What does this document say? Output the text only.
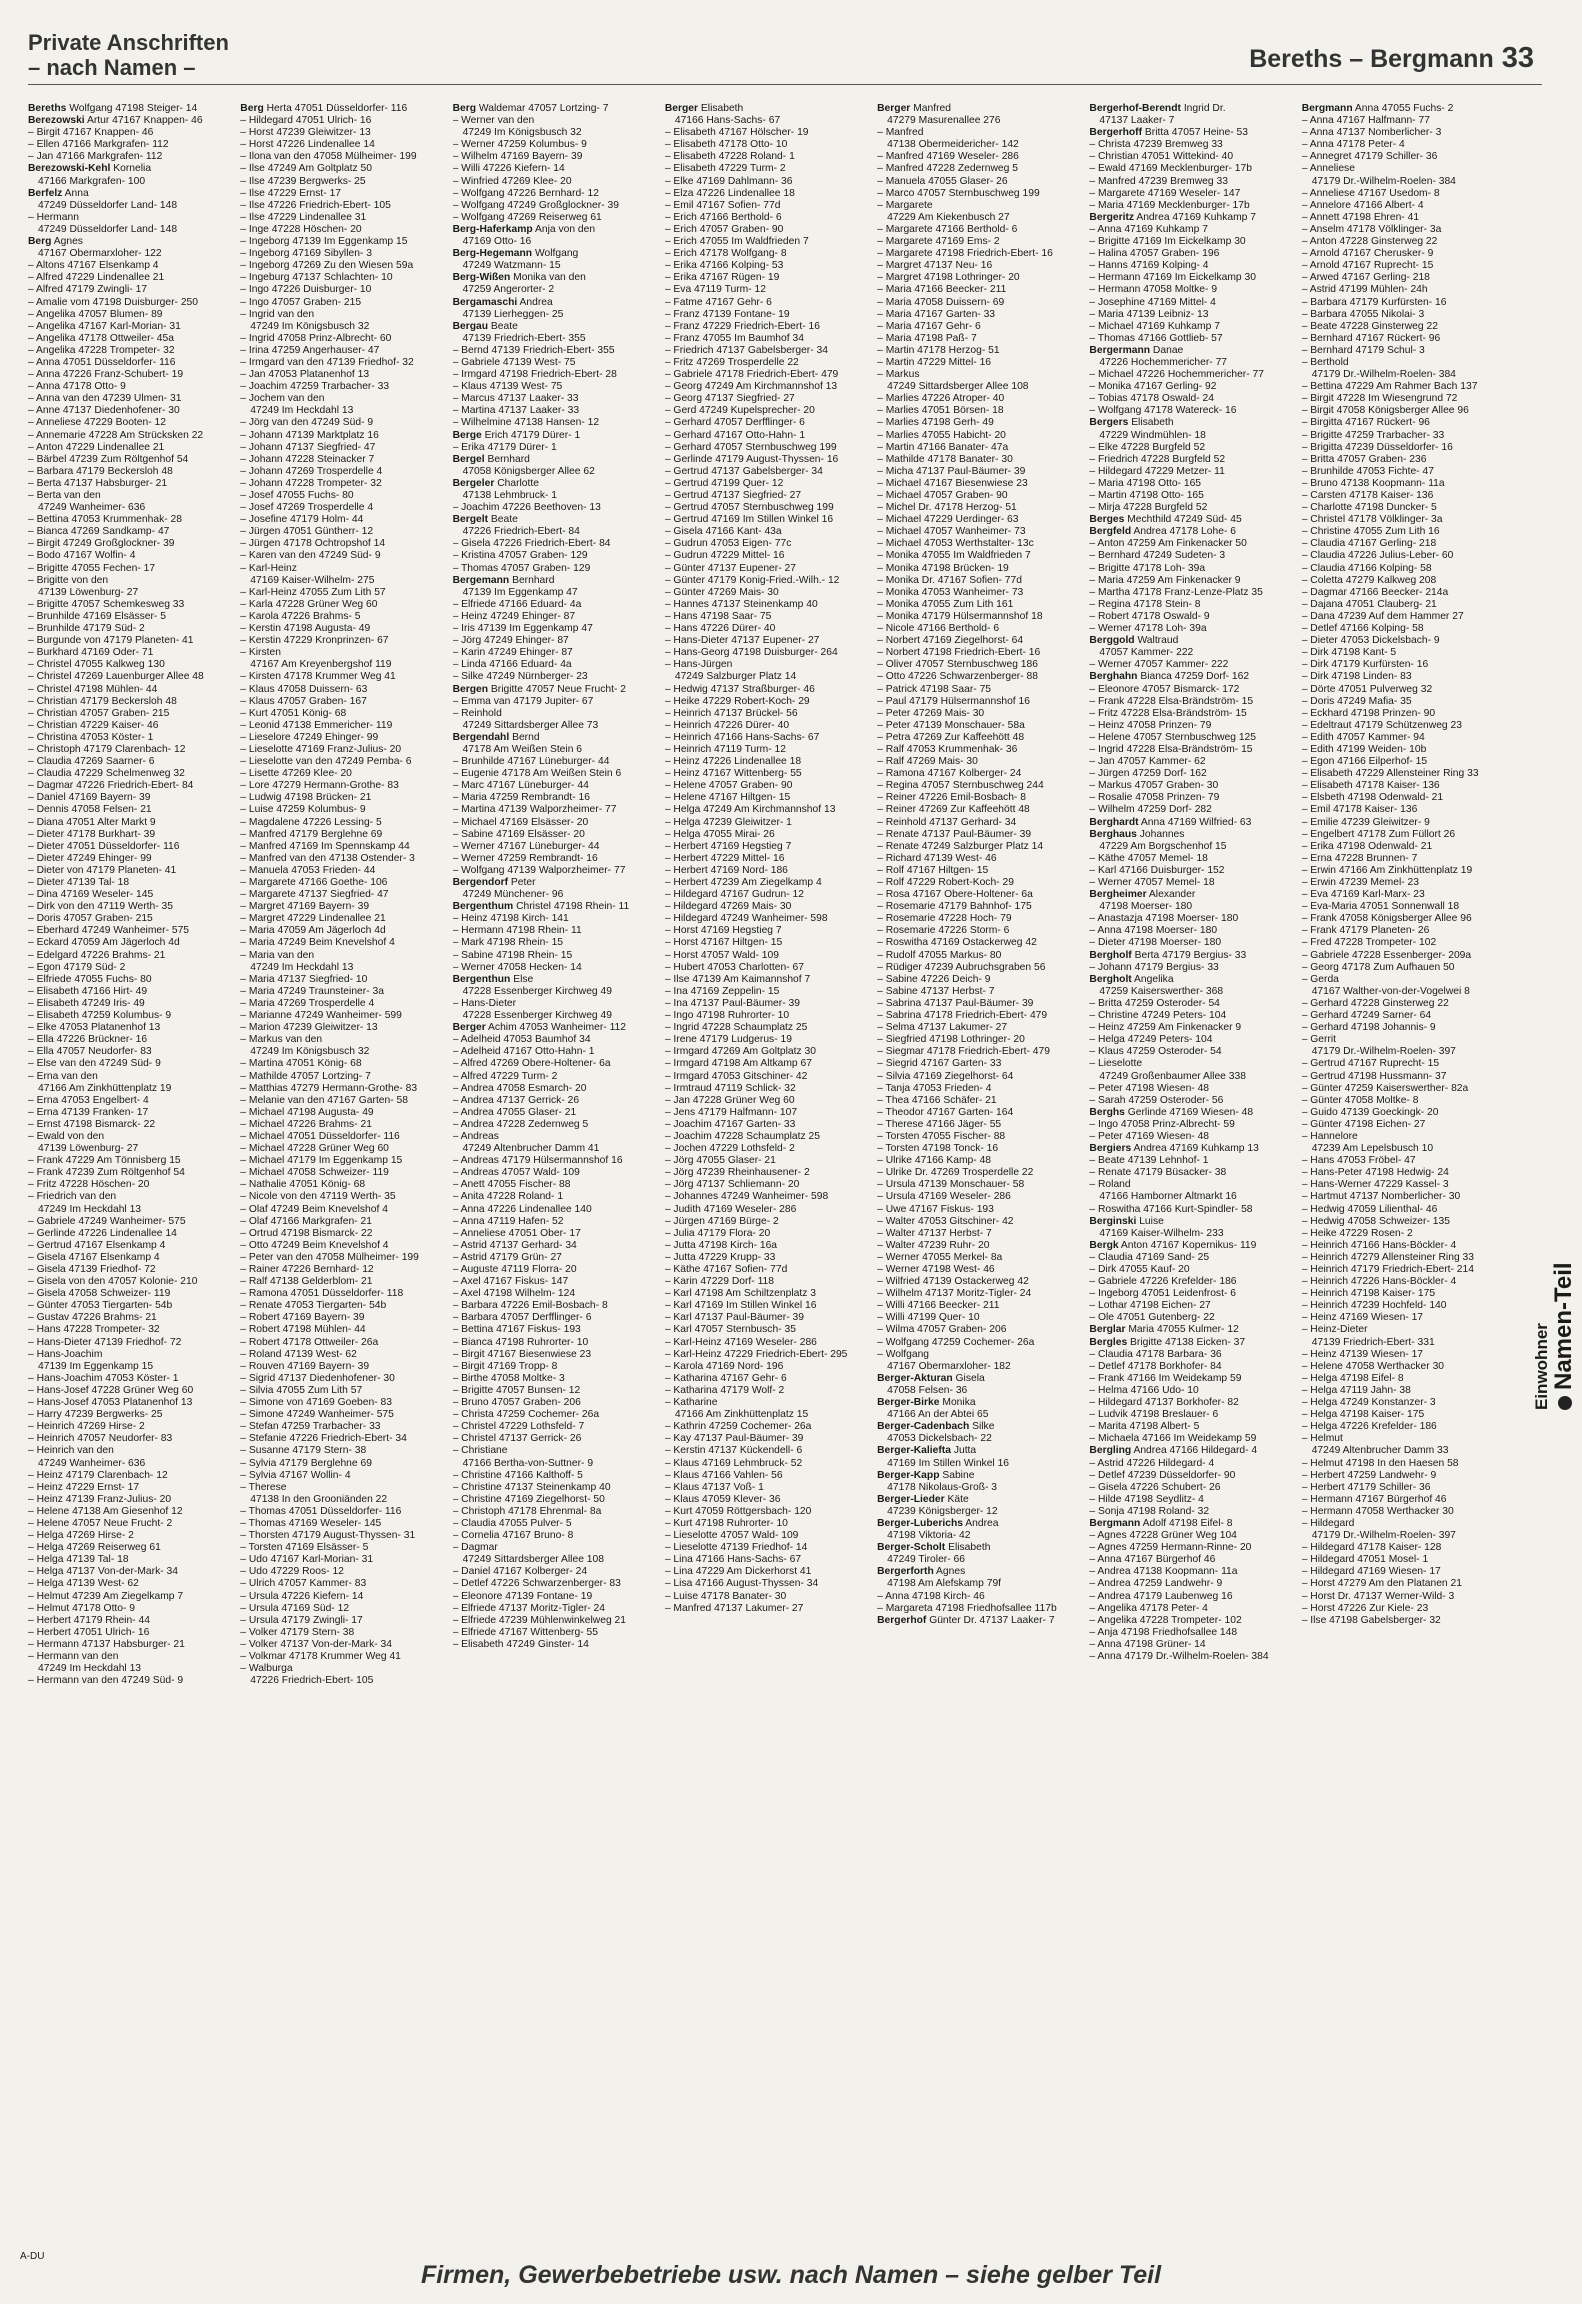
Private Anschriften
– nach Namen –	Bereths – Bergmann 33
Bereths Wolfgang 47198 Steiger- 14
Berezowski Artur 47167 Knappen- 46
– Birgit 47167 Knappen- 46
– Ellen 47166 Markgrafen- 112
– Jan 47166 Markgrafen- 112
Berezowski-Kehl Kornelia
47166 Markgrafen- 100
Berfelz Anna
47249 Düsseldorfer Land- 148
– Hermann
47249 Düsseldorfer Land- 148
Berg Agnes
47167 Obermarxloher- 122
– Altons 47167 Elsenkamp 4
– Alfred 47229 Lindenallee 21
– Alfred 47179 Zwingli- 17
– Amalie vom 47198 Duisburger- 250
– Angelika 47057 Blumen- 89
– Angelika 47167 Karl-Morian- 31
– Angelika 47178 Ottweiler- 45a
– Angelika 47228 Trompeter- 32
– Anna 47051 Düsseldorfer- 116
– Anna 47226 Franz-Schubert- 19
– Anna 47178 Otto- 9
– Anna van den 47239 Ulmen- 31
– Anne 47137 Diedenhofener- 30
– Anneliese 47229 Booten- 12
– Annemarie 47228 Am Strücksken 22
– Anton 47229 Lindenallee 21
– Bärbel 47239 Zum Röltgenhof 54
– Barbara 47179 Beckersloh 48
– Berta 47137 Habsburger- 21
– Berta van den
47249 Wanheimer- 636
– Bettina 47053 Krummenhak- 28
– Bianca 47269 Sandkamp- 47
– Birgit 47249 Großglockner- 39
– Bodo 47167 Wolfin- 4
– Brigitte 47055 Fechen- 17
– Brigitte von den
47139 Löwenburg- 27
– Brigitte 47057 Schemkesweg 33
– Brunhilde 47169 Elsässer- 5
– Brunhilde 47179 Süd- 2
– Burgunde von 47179 Planeten- 41
– Burkhard 47169 Oder- 71
– Christel 47055 Kalkweg 130
– Christel 47269 Lauenburger Allee 48
– Christel 47198 Mühlen- 44
– Christian 47179 Beckersloh 48
– Christian 47057 Graben- 215
– Christian 47229 Kaiser- 46
– Christina 47053 Köster- 1
– Christoph 47179 Clarenbach- 12
– Claudia 47269 Saarner- 6
– Claudia 47229 Schelmenweg 32
– Dagmar 47226 Friedrich-Ebert- 84
– Daniel 47169 Bayern- 39
– Dennis 47058 Felsen- 21
– Diana 47051 Alter Markt 9
– Dieter 47178 Burkhart- 39
– Dieter 47051 Düsseldorfer- 116
– Dieter 47249 Ehinger- 99
– Dieter von 47179 Planeten- 41
– Dieter 47139 Tal- 18
– Dina 47169 Weseler- 145
– Dirk von den 47119 Werth- 35
– Doris 47057 Graben- 215
– Eberhard 47249 Wanheimer- 575
– Eckard 47059 Am Jägerloch 4d
– Edelgard 47226 Brahms- 21
– Egon 47179 Süd- 2
– Elfriede 47055 Fuchs- 80
– Elisabeth 47166 Hirt- 49
– Elisabeth 47249 Iris- 49
– Elisabeth 47259 Kolumbus- 9
– Elke 47053 Platanenhof 13
– Ella 47226 Brückner- 16
– Ella 47057 Neudorfer- 83
– Else van den 47249 Süd- 9
– Erna van den
47166 Am Zinkhüttenplatz 19
– Erna 47053 Engelbert- 4
– Erna 47139 Franken- 17
– Ernst 47198 Bismarck- 22
– Ewald von den
47139 Löwenburg- 27
– Frank 47229 Am Tönnisberg 15
– Frank 47239 Zum Röltgenhof 54
– Fritz 47228 Höschen- 20
– Friedrich van den
47249 Im Heckdahl 13
– Gabriele 47249 Wanheimer- 575
– Gerlinde 47226 Lindenallee 14
– Gertrud 47167 Elsenkamp 4
– Gisela 47167 Elsenkamp 4
– Gisela 47139 Friedhof- 72
– Gisela von den 47057 Kolonie- 210
– Gisela 47058 Schweizer- 119
– Günter 47053 Tiergarten- 54b
– Gustav 47226 Brahms- 21
– Hans 47228 Trompeter- 32
– Hans-Dieter 47139 Friedhof- 72
– Hans-Joachim
47139 Im Eggenkamp 15
– Hans-Joachim 47053 Köster- 1
– Hans-Josef 47228 Grüner Weg 60
– Hans-Josef 47053 Platanenhof 13
– Harry 47239 Bergwerks- 25
– Heinrich 47269 Hirse- 2
– Heinrich 47057 Neudorfer- 83
– Heinrich van den
47249 Wanheimer- 636
– Heinz 47179 Clarenbach- 12
– Heinz 47229 Ernst- 17
– Heinz 47139 Franz-Julius- 20
– Helene 47138 Am Giesenhof 12
– Helene 47057 Neue Frucht- 2
– Helga 47269 Hirse- 2
– Helga 47269 Reiserweg 61
– Helga 47139 Tal- 18
– Helga 47137 Von-der-Mark- 34
– Helga 47139 West- 62
– Helmut 47239 Am Ziegelkamp 7
– Helmut 47178 Otto- 9
– Herbert 47179 Rhein- 44
– Herbert 47051 Ulrich- 16
– Hermann 47137 Habsburger- 21
– Hermann van den
47249 Im Heckdahl 13
– Hermann van den 47249 Süd- 9
Berg Herta 47051 Düsseldorfer- 116
– Hildegard 47051 Ulrich- 16
– Horst 47239 Gleiwitzer- 13
– Horst 47226 Lindenallee 14
– Ilona van den 47058 Mülheimer- 199
– Ilse 47249 Am Goltplatz 50
– Ilse 47239 Bergwerks- 25
– Ilse 47229 Ernst- 17
– Ilse 47226 Friedrich-Ebert- 105
– Ilse 47229 Lindenallee 31
– Inge 47228 Höschen- 20
– Ingeborg 47139 Im Eggenkamp 15
– Ingeborg 47169 Sibyllen- 3
– Ingeborg 47269 Zu den Wiesen 59a
– Ingeburg 47137 Schlachten- 10
– Ingo 47226 Duisburger- 10
– Ingo 47057 Graben- 215
– Ingrid van den
47249 Im Königsbusch 32
– Ingrid 47058 Prinz-Albrecht- 60
– Irina 47259 Angerhauser- 47
– Irmgard van den 47139 Friedhof- 32
– Jan 47053 Platanenhof 13
– Joachim 47259 Trarbacher- 33
– Jochem van den
47249 Im Heckdahl 13
– Jörg van den 47249 Süd- 9
– Johann 47139 Marktplatz 16
– Johann 47137 Siegfried- 47
– Johann 47228 Steinacker 7
– Johann 47269 Trosperdelle 4
– Johann 47228 Trompeter- 32
– Josef 47055 Fuchs- 80
– Josef 47269 Trosperdelle 4
– Josefine 47179 Holm- 44
– Jürgen 47051 Güntherr- 12
– Jürgen 47178 Ochtropshof 14
– Karen van den 47249 Süd- 9
– Karl-Heinz
47169 Kaiser-Wilhelm- 275
– Karl-Heinz 47055 Zum Lith 57
– Karla 47228 Grüner Weg 60
– Karola 47226 Brahms- 5
– Kerstin 47198 Augusta- 49
– Kerstin 47229 Kronprinzen- 67
– Kirsten
47167 Am Kreyenbergshof 119
– Kirsten 47178 Krummer Weg 41
– Klaus 47058 Duissern- 63
– Klaus 47057 Graben- 167
– Kurt 47051 König- 68
– Leonid 47138 Emmericher- 119
– Lieselore 47249 Ehinger- 99
– Lieselotte 47169 Franz-Julius- 20
– Lieselotte van den 47249 Pemba- 6
– Lisette 47269 Klee- 20
– Lore 47279 Hermann-Grothe- 83
– Ludwig 47198 Brücken- 21
– Luise 47259 Kolumbus- 9
– Magdalene 47226 Lessing- 5
– Manfred 47179 Berglehne 69
– Manfred 47169 Im Spennskamp 44
– Manfred van den 47138 Ostender- 3
– Manuela 47053 Frieden- 44
– Margarete 47166 Goethe- 106
– Margarete 47137 Siegfried- 47
– Margret 47169 Bayern- 39
– Margret 47229 Lindenallee 21
– Maria 47059 Am Jägerloch 4d
– Maria 47249 Beim Knevelshof 4
– Maria van den
47249 Im Heckdahl 13
– Maria 47137 Siegfried- 10
– Maria 47249 Traunsteiner- 3a
– Maria 47269 Trosperdelle 4
– Marianne 47249 Wanheimer- 599
– Marion 47239 Gleiwitzer- 13
– Markus van den
47249 Im Königsbusch 32
– Martina 47051 König- 68
– Mathilde 47057 Lortzing- 7
– Matthias 47279 Hermann-Grothe- 83
– Melanie van den 47167 Garten- 58
– Michael 47198 Augusta- 49
– Michael 47226 Brahms- 21
– Michael 47051 Düsseldorfer- 116
– Michael 47228 Grüner Weg 60
– Michael 47179 Im Eggenkamp 15
– Michael 47058 Schweizer- 119
– Nathalie 47051 König- 68
– Nicole von den 47119 Werth- 35
– Olaf 47249 Beim Knevelshof 4
– Olaf 47166 Markgrafen- 21
– Ortrud 47198 Bismarck- 22
– Otto 47249 Beim Knevelshof 4
– Peter van den 47058 Mülheimer- 199
– Rainer 47226 Bernhard- 12
– Ralf 47138 Gelderblom- 21
– Ramona 47051 Düsseldorfer- 118
– Renate 47053 Tiergarten- 54b
– Robert 47169 Bayern- 39
– Robert 47198 Mühlen- 44
– Robert 47178 Ottweiler- 26a
– Roland 47139 West- 62
– Rouven 47169 Bayern- 39
– Sigrid 47137 Diedenhofener- 30
– Silvia 47055 Zum Lith 57
– Simone von 47169 Goeben- 83
– Simone 47249 Wanheimer- 575
– Stefan 47259 Trarbacher- 33
– Stefanie 47226 Friedrich-Ebert- 34
– Susanne 47179 Stern- 38
– Sylvia 47179 Berglehne 69
– Sylvia 47167 Wollin- 4
– Therese
47138 In den Grooniänden 22
– Thomas 47051 Düsseldorfer- 116
– Thomas 47169 Weseler- 145
– Thorsten 47179 August-Thyssen- 31
– Torsten 47169 Elsässer- 5
– Udo 47167 Karl-Morian- 31
– Udo 47229 Roos- 12
– Ulrich 47057 Kammer- 83
– Ursula 47226 Kiefern- 14
– Ursula 47169 Süd- 12
– Ursula 47179 Zwingli- 17
– Volker 47179 Stern- 38
– Volker 47137 Von-der-Mark- 34
– Volkmar 47178 Krummer Weg 41
– Walburga
47226 Friedrich-Ebert- 105
Berg Waldemar 47057 Lortzing- 7
– Werner van den
47249 Im Königsbusch 32
– Werner 47259 Kolumbus- 9
– Wilhelm 47169 Bayern- 39
– Willi 47226 Kiefern- 14
– Winfried 47269 Klee- 20
– Wolfgang 47226 Bernhard- 12
– Wolfgang 47249 Großglockner- 39
– Wolfgang 47269 Reiserweg 61
Berg-Haferkamp Anja von den
47169 Otto- 16
Berg-Hegemann Wolfgang
47249 Watzmann- 15
Berg-Wißen Monika van den
47259 Angerorter- 2
Bergamaschi Andrea
47139 Lierheggen- 25
Bergau Beate
47139 Friedrich-Ebert- 355
– Bernd 47139 Friedrich-Ebert- 355
– Gabriele 47139 West- 75
– Irmgard 47198 Friedrich-Ebert- 28
– Klaus 47139 West- 75
– Marcus 47137 Laaker- 33
– Martina 47137 Laaker- 33
– Wilhelmine 47138 Hansen- 12
Berge Erich 47179 Dürer- 1
– Erika 47179 Dürer- 1
Bergel Bernhard
47058 Königsberger Allee 62
Bergeler Charlotte
47138 Lehmbruck- 1
– Joachim 47226 Beethoven- 13
Bergelt Beate
47226 Friedrich-Ebert- 84
– Gisela 47226 Friedrich-Ebert- 84
– Kristina 47057 Graben- 129
– Thomas 47057 Graben- 129
Bergemann Bernhard
47139 Im Eggenkamp 47
– Elfriede 47166 Eduard- 4a
– Heinz 47249 Ehinger- 87
– Iris 47139 Im Eggenkamp 47
– Jörg 47249 Ehinger- 87
– Karin 47249 Ehinger- 87
– Linda 47166 Eduard- 4a
– Silke 47249 Nürnberger- 23
Bergen Brigitte 47057 Neue Frucht- 2
– Emma van 47179 Jupiter- 67
– Reinhold
47249 Sittardsberger Allee 73
Bergendahl Bernd
47178 Am Weißen Stein 6
– Brunhilde 47167 Lüneburger- 44
– Eugenie 47178 Am Weißen Stein 6
– Marc 47167 Lüneburger- 44
– Maria 47259 Rembrandt- 16
– Martina 47139 Walporzheimer- 77
– Michael 47169 Elsässer- 20
– Sabine 47169 Elsässer- 20
– Werner 47167 Lüneburger- 44
– Werner 47259 Rembrandt- 16
– Wolfgang 47139 Walporzheimer- 77
Bergendorf Peter
47249 Münchener- 96
Bergenthum Christel 47198 Rhein- 11
– Heinz 47198 Kirch- 141
– Hermann 47198 Rhein- 11
– Mark 47198 Rhein- 15
– Sabine 47198 Rhein- 15
– Werner 47058 Hecken- 14
Bergenthun Else
47228 Essenberger Kirchweg 49
– Hans-Dieter
47228 Essenberger Kirchweg 49
Berger Achim 47053 Wanheimer- 112
– Adelheid 47053 Baumhof 34
– Adelheid 47167 Otto-Hahn- 1
– Alfred 47269 Obere-Holtener- 6a
– Alfred 47229 Turm- 2
– Andrea 47058 Esmarch- 20
– Andrea 47137 Gerrick- 26
– Andrea 47055 Glaser- 21
– Andrea 47228 Zedernweg 5
– Andreas
47249 Altenbrucher Damm 41
– Andreas 47179 Hülsermannshof 16
– Andreas 47057 Wald- 109
– Anett 47055 Fischer- 88
– Anita 47228 Roland- 1
– Anna 47226 Lindenallee 140
– Anna 47119 Hafen- 52
– Anneliese 47051 Ober- 17
– Astrid 47137 Gerhard- 34
– Astrid 47179 Grün- 27
– Auguste 47119 Florra- 20
– Axel 47167 Fiskus- 147
– Axel 47198 Wilhelm- 124
– Barbara 47226 Emil-Bosbach- 8
– Barbara 47057 Derfflinger- 6
– Bettina 47167 Fiskus- 193
– Bianca 47198 Ruhrorter- 10
– Birgit 47167 Biesenwiese 23
– Birgit 47169 Tropp- 8
– Birthe 47058 Moltke- 3
– Brigitte 47057 Bunsen- 12
– Bruno 47057 Graben- 206
– Christa 47259 Cochemer- 26a
– Christel 47229 Lothsfeld- 7
– Christel 47137 Gerrick- 26
– Christiane
47166 Bertha-von-Suttner- 9
– Christine 47166 Kalthoff- 5
– Christine 47137 Steinenkamp 40
– Christine 47169 Ziegelhorst- 50
– Christoph 47178 Ehrenmal- 8a
– Claudia 47055 Pulver- 5
– Cornelia 47167 Bruno- 8
– Dagmar
47249 Sittardsberger Allee 108
– Daniel 47167 Kolberger- 24
– Detlef 47226 Schwarzenberger- 83
– Eleonore 47139 Fontane- 19
– Elfriede 47137 Moritz-Tigler- 24
– Elfriede 47239 Mühlenwinkelweg 21
– Elfriede 47167 Wittenberg- 55
– Elisabeth 47249 Ginster- 14
Berger Elisabeth
47166 Hans-Sachs- 67
– Elisabeth 47167 Hölscher- 19
– Elisabeth 47178 Otto- 10
– Elisabeth 47228 Roland- 1
– Elisabeth 47229 Turm- 2
– Elke 47169 Dahlmann- 36
– Elza 47226 Lindenallee 18
– Emil 47167 Sofien- 77d
– Erich 47166 Berthold- 6
– Erich 47057 Graben- 90
– Erich 47055 Im Waldfrieden 7
– Erich 47178 Wolfgang- 8
– Erika 47166 Kolping- 53
– Erika 47167 Rügen- 19
– Eva 47119 Turm- 12
– Fatme 47167 Gehr- 6
– Franz 47139 Fontane- 19
– Franz 47229 Friedrich-Ebert- 16
– Franz 47055 Im Baumhof 34
– Friedrich 47137 Gabelsberger- 34
– Fritz 47269 Trosperdelle 22
– Gabriele 47178 Friedrich-Ebert- 479
– Georg 47249 Am Kirchmannshof 13
– Georg 47137 Siegfried- 27
– Gerd 47249 Kupelsprecher- 20
– Gerhard 47057 Derfflinger- 6
– Gerhard 47167 Otto-Hahn- 1
– Gerhard 47057 Sternbuschweg 199
– Gerlinde 47179 August-Thyssen- 16
– Gertrud 47137 Gabelsberger- 34
– Gertrud 47199 Quer- 12
– Gertrud 47137 Siegfried- 27
– Gertrud 47057 Sternbuschweg 199
– Gertrud 47169 Im Stillen Winkel 16
– Gisela 47166 Kant- 43a
– Gudrun 47053 Eigen- 77c
– Gudrun 47229 Mittel- 16
– Günter 47137 Eupener- 27
– Günter 47179 Konig-Fried.-Wilh.- 12
– Günter 47269 Mais- 30
– Hannes 47137 Steinenkamp 40
– Hans 47198 Saar- 75
– Hans 47226 Dürer- 40
– Hans-Dieter 47137 Eupener- 27
– Hans-Georg 47198 Duisburger- 264
– Hans-Jürgen
47249 Salzburger Platz 14
– Hedwig 47137 Straßburger- 46
– Heike 47229 Robert-Koch- 29
– Heinrich 47137 Brückel- 56
– Heinrich 47226 Dürer- 40
– Heinrich 47166 Hans-Sachs- 67
– Heinrich 47119 Turm- 12
– Heinz 47226 Lindenallee 18
– Heinz 47167 Wittenberg- 55
– Helene 47057 Graben- 90
– Helene 47167 Hiltgen- 15
– Helga 47249 Am Kirchmannshof 13
– Helga 47239 Gleiwitzer- 1
– Helga 47055 Mirai- 26
– Herbert 47169 Hegstieg 7
– Herbert 47229 Mittel- 16
– Herbert 47169 Nord- 186
– Herbert 47239 Am Ziegelkamp 4
– Hildegard 47167 Gudrun- 12
– Hildegard 47269 Mais- 30
– Hildegard 47249 Wanheimer- 598
– Horst 47169 Hegstieg 7
– Horst 47167 Hiltgen- 15
– Horst 47057 Wald- 109
– Hubert 47053 Charlotten- 67
– Ilse 47139 Am Kaimannshof 7
– Ina 47169 Zeppelin- 15
– Ina 47137 Paul-Bäumer- 39
– Ingo 47198 Ruhrorter- 10
– Ingrid 47228 Schaumplatz 25
– Irene 47179 Ludgerus- 19
– Irmgard 47269 Am Goltplatz 30
– Irmgard 47198 Am Altkamp 67
– Irmgard 47053 Gitschiner- 42
– Irmtraud 47119 Schlick- 32
– Jan 47228 Grüner Weg 60
– Jens 47179 Halfmann- 107
– Joachim 47167 Garten- 33
– Joachim 47228 Schaumplatz 25
– Jochen 47229 Lothsfeld- 2
– Jörg 47055 Glaser- 21
– Jörg 47239 Rheinhausener- 2
– Jörg 47137 Schliemann- 20
– Johannes 47249 Wanheimer- 598
– Judith 47169 Weseler- 286
– Jürgen 47169 Bürge- 2
– Julia 47179 Flora- 20
– Jutta 47198 Kirch- 16a
– Jutta 47229 Krupp- 33
– Käthe 47167 Sofien- 77d
– Karin 47229 Dorf- 118
– Karl 47198 Am Schiltzenplatz 3
– Karl 47169 Im Stillen Winkel 16
– Karl 47137 Paul-Bäumer- 39
– Karl 47057 Sternbusch- 35
– Karl-Heinz 47169 Weseler- 286
– Karl-Heinz 47229 Friedrich-Ebert- 295
– Karola 47169 Nord- 196
– Katharina 47167 Gehr- 6
– Katharina 47179 Wolf- 2
– Katharine
47166 Am Zinkhüttenplatz 15
– Kathrin 47259 Cochemer- 26a
– Kay 47137 Paul-Bäumer- 39
– Kerstin 47137 Kückendell- 6
– Klaus 47169 Lehmbruck- 52
– Klaus 47166 Vahlen- 56
– Klaus 47137 Voß- 1
– Klaus 47059 Klever- 36
– Kurt 47059 Röttgersbach- 120
– Kurt 47198 Ruhrorter- 10
– Lieselotte 47057 Wald- 109
– Lieselotte 47139 Friedhof- 14
– Lina 47166 Hans-Sachs- 67
– Lina 47229 Am Dickerhorst 41
– Lisa 47166 August-Thyssen- 34
– Luise 47178 Banater- 30
– Manfred 47137 Lakumer- 27
Berger Manfred
47279 Masurenallee 276
– Manfred
47138 Obermeidericher- 142
– Manfred 47169 Weseler- 286
– Manfred 47228 Zedernweg 5
– Manuela 47055 Glaser- 26
– Marco 47057 Sternbuschweg 199
– Margarete
47229 Am Kiekenbusch 27
– Margarete 47166 Berthold- 6
– Margarete 47169 Ems- 2
– Margarete 47198 Friedrich-Ebert- 16
– Margret 47137 Neu- 16
– Margret 47198 Lothringer- 20
– Maria 47166 Beecker- 211
– Maria 47058 Duissern- 69
– Maria 47167 Garten- 33
– Maria 47167 Gehr- 6
– Maria 47198 Paß- 7
– Martin 47178 Herzog- 51
– Martin 47229 Mittel- 16
– Markus
47249 Sittardsberger Allee 108
– Marlies 47226 Atroper- 40
– Marlies 47051 Börsen- 18
– Marlies 47198 Gerh- 49
– Marlies 47055 Habicht- 20
– Martin 47166 Banater- 47a
– Mathilde 47178 Banater- 30
– Micha 47137 Paul-Bäumer- 39
– Michael 47167 Biesenwiese 23
– Michael 47057 Graben- 90
– Michel Dr. 47178 Herzog- 51
– Michael 47229 Uerdinger- 63
– Michael 47057 Wanheimer- 73
– Michael 47053 Werthstalter- 13c
– Monika 47055 Im Waldfrieden 7
– Monika 47198 Brücken- 19
– Monika Dr. 47167 Sofien- 77d
– Monika 47053 Wanheimer- 73
– Monika 47055 Zum Lith 161
– Monika 47179 Hülsermannshof 18
– Nicole 47166 Berthold- 6
– Norbert 47169 Ziegelhorst- 64
– Norbert 47198 Friedrich-Ebert- 16
– Oliver 47057 Sternbuschweg 186
– Otto 47226 Schwarzenberger- 88
– Patrick 47198 Saar- 75
– Paul 47179 Hülsermannshof 16
– Peter 47269 Mais- 30
– Peter 47139 Monschauer- 58a
– Petra 47269 Zur Kaffeehött 48
– Ralf 47053 Krummenhak- 36
– Ralf 47269 Mais- 30
– Ramona 47167 Kolberger- 24
– Regina 47057 Sternbuschweg 244
– Reiner 47226 Emil-Bosbach- 8
– Reiner 47269 Zur Kaffeehött 48
– Reinhold 47137 Gerhard- 34
– Renate 47137 Paul-Bäumer- 39
– Renate 47249 Salzburger Platz 14
– Richard 47139 West- 46
– Rolf 47167 Hiltgen- 15
– Rolf 47229 Robert-Koch- 29
– Rosa 47167 Obere-Holtener- 6a
– Rosemarie 47179 Bahnhof- 175
– Rosemarie 47228 Hoch- 79
– Rosemarie 47226 Storm- 6
– Roswitha 47169 Ostackerweg 42
– Rudolf 47055 Markus- 80
– Rüdiger 47239 Aubruchsgraben 56
– Sabine 47226 Deich- 9
– Sabine 47137 Herbst- 7
– Sabrina 47137 Paul-Bäumer- 39
– Sabrina 47178 Friedrich-Ebert- 479
– Selma 47137 Lakumer- 27
– Siegfried 47198 Lothringer- 20
– Siegmar 47178 Friedrich-Ebert- 479
– Siegrid 47167 Garten- 33
– Silvia 47169 Ziegelhorst- 64
– Tanja 47053 Frieden- 4
– Thea 47166 Schäfer- 21
– Theodor 47167 Garten- 164
– Therese 47166 Jäger- 55
– Torsten 47055 Fischer- 88
– Torsten 47198 Tonck- 16
– Ulrike 47166 Kamp- 48
– Ulrike Dr. 47269 Trosperdelle 22
– Ursula 47139 Monschauer- 58
– Ursula 47169 Weseler- 286
– Uwe 47167 Fiskus- 193
– Walter 47053 Gitschiner- 42
– Walter 47137 Herbst- 7
– Walter 47239 Ruhr- 20
– Werner 47055 Merkel- 8a
– Werner 47198 West- 46
– Wilfried 47139 Ostackerweg 42
– Wilhelm 47137 Moritz-Tigler- 24
– Willi 47166 Beecker- 211
– Willi 47199 Quer- 10
– Wilma 47057 Graben- 206
– Wolfgang 47259 Cochemer- 26a
– Wolfgang
47167 Obermarxloher- 182
Berger-Akturan Gisela
47058 Felsen- 36
Berger-Birke Monika
47166 An der Abtei 65
Berger-Cadenbach Silke
47053 Dickelsbach- 22
Berger-Kaliefta Jutta
47169 Im Stillen Winkel 16
Berger-Kapp Sabine
47178 Nikolaus-Groß- 3
Berger-Lieder Käte
47239 Königsberger- 12
Berger-Luberichs Andrea
47198 Viktoria- 42
Berger-Scholt Elisabeth
47249 Tiroler- 66
Bergerforth Agnes
47198 Am Alefskamp 79f
– Anna 47198 Kirch- 46
– Margareta 47198 Friedhofsallee 117b
Bergerhof Günter Dr. 47137 Laaker- 7
Bergerhof-Berendt Ingrid Dr.
47137 Laaker- 7
Bergerhoff Britta 47057 Heine- 53
– Christa 47239 Bremweg 33
– Christian 47051 Wittekind- 40
– Ewald 47169 Mecklenburger- 17b
– Manfred 47239 Bremweg 33
– Margarete 47169 Weseler- 147
– Maria 47169 Mecklenburger- 17b
Bergeritz Andrea 47169 Kuhkamp 7
– Anna 47169 Kuhkamp 7
– Brigitte 47169 Im Eickelkamp 30
– Halina 47057 Graben- 196
– Hanns 47169 Kolping- 4
– Hermann 47169 Im Eickelkamp 30
– Hermann 47058 Moltke- 9
– Josephine 47169 Mittel- 4
– Maria 47139 Leibniz- 13
– Michael 47169 Kuhkamp 7
– Thomas 47166 Gottlieb- 57
Bergermann Danae
47226 Hochemmericher- 77
– Michael 47226 Hochemmericher- 77
– Monika 47167 Gerling- 92
– Tobias 47178 Oswald- 24
– Wolfgang 47178 Watereck- 16
Bergers Elisabeth
47229 Windmühlen- 18
– Elke 47228 Burgfeld 52
– Friedrich 47228 Burgfeld 52
– Hildegard 47229 Metzer- 11
– Maria 47198 Otto- 165
– Martin 47198 Otto- 165
– Mirja 47228 Burgfeld 52
Berges Mechthild 47249 Süd- 45
Bergfeld Andrea 47178 Lohe- 6
– Anton 47259 Am Finkenacker 50
– Bernhard 47249 Sudeten- 3
– Brigitte 47178 Loh- 39a
– Maria 47259 Am Finkenacker 9
– Martha 47178 Franz-Lenze-Platz 35
– Regina 47178 Stein- 8
– Robert 47178 Oswald- 9
– Werner 47178 Loh- 39a
Berggold Waltraud
47057 Kammer- 222
– Werner 47057 Kammer- 222
Berghahn Bianca 47259 Dorf- 162
– Eleonore 47057 Bismarck- 172
– Frank 47228 Elsa-Brändström- 15
– Fritz 47228 Elsa-Brändström- 15
– Heinz 47058 Prinzen- 79
– Helene 47057 Sternbuschweg 125
– Ingrid 47228 Elsa-Brändström- 15
– Jan 47057 Kammer- 62
– Jürgen 47259 Dorf- 162
– Markus 47057 Graben- 30
– Rosalie 47058 Prinzen- 79
– Wilhelm 47259 Dorf- 282
Berghardt Anna 47169 Wilfried- 63
Berghaus Johannes
47229 Am Borgschenhof 15
– Käthe 47057 Memel- 18
– Karl 47166 Duisburger- 152
– Werner 47057 Memel- 18
Bergheimer Alexander
47198 Moerser- 180
– Anastazja 47198 Moerser- 180
– Anna 47198 Moerser- 180
– Dieter 47198 Moerser- 180
Bergholf Berta 47179 Bergius- 33
– Johann 47179 Bergius- 33
Bergholt Angelika
47259 Kaiserswerther- 368
– Britta 47259 Osteroder- 54
– Christine 47249 Peters- 104
– Heinz 47259 Am Finkenacker 9
– Helga 47249 Peters- 104
– Klaus 47259 Osteroder- 54
– Lieselotte
47249 Großenbaumer Allee 338
– Peter 47198 Wiesen- 48
– Sarah 47259 Osteroder- 56
Berghs Gerlinde 47169 Wiesen- 48
– Ingo 47058 Prinz-Albrecht- 59
– Peter 47169 Wiesen- 48
Bergiers Andrea 47169 Kuhkamp 13
– Beate 47139 Lehnhof- 1
– Renate 47179 Büsacker- 38
– Roland
47166 Hamborner Altmarkt 16
– Roswitha 47166 Kurt-Spindler- 58
Berginski Luise
47169 Kaiser-Wilhelm- 233
Bergk Anton 47167 Kopernikus- 119
– Claudia 47169 Sand- 25
– Dirk 47055 Kauf- 20
– Gabriele 47226 Krefelder- 186
– Ingeborg 47051 Leidenfrost- 6
– Lothar 47198 Eichen- 27
– Ole 47051 Gutenberg- 22
Berglar Maria 47055 Kulmer- 12
Bergles Brigitte 47138 Eicken- 37
– Claudia 47178 Barbara- 36
– Detlef 47178 Borkhofer- 84
– Frank 47166 Im Weidekamp 59
– Helma 47166 Udo- 10
– Hildegard 47137 Borkhofer- 82
– Ludvik 47198 Breslauer- 6
– Marita 47198 Albert- 5
– Michaela 47166 Im Weidekamp 59
Bergling Andrea 47166 Hildegard- 4
– Astrid 47226 Hildegard- 4
– Detlef 47239 Düsseldorfer- 90
– Gisela 47226 Schubert- 26
– Hilde 47198 Seydlitz- 4
– Sonja 47198 Roland- 32
Bergmann Adolf 47198 Eifel- 8
– Agnes 47228 Grüner Weg 104
– Agnes 47259 Hermann-Rinne- 20
– Anna 47167 Bürgerhof 46
– Andrea 47138 Koopmann- 11a
– Andrea 47259 Landwehr- 9
– Andrea 47179 Laubenweg 16
– Angelika 47178 Peter- 4
– Angelika 47228 Trompeter- 102
– Anja 47198 Friedhofsallee 148
– Anna 47198 Grüner- 14
– Anna 47179 Dr.-Wilhelm-Roelen- 384
Bergmann Anna 47055 Fuchs- 2
– Anna 47167 Halfmann- 77
– Anna 47137 Nomberlicher- 3
– Anna 47178 Peter- 4
– Annegret 47179 Schiller- 36
– Anneliese
47179 Dr.-Wilhelm-Roelen- 384
– Anneliese 47167 Usedom- 8
– Annelore 47166 Albert- 4
– Annett 47198 Ehren- 41
– Anselm 47178 Völklinger- 3a
– Anton 47228 Ginsterweg 22
– Arnold 47167 Cherusker- 9
– Arnold 47167 Ruprecht- 15
– Arwed 47167 Gerling- 218
– Astrid 47199 Mühlen- 24h
– Barbara 47179 Kurfürsten- 16
– Barbara 47055 Nikolai- 3
– Beate 47228 Ginsterweg 22
– Bernhard 47167 Rückert- 96
– Bernhard 47179 Schul- 3
– Berthold
47179 Dr.-Wilhelm-Roelen- 384
– Bettina 47229 Am Rahmer Bach 137
– Birgit 47228 Im Wiesengrund 72
– Birgit 47058 Königsberger Allee 96
– Birgitta 47167 Rückert- 96
– Brigitte 47259 Trarbacher- 33
– Brigitta 47239 Düsseldorfer- 16
– Britta 47057 Graben- 236
– Brunhilde 47053 Fichte- 47
– Bruno 47138 Koopmann- 11a
– Carsten 47178 Kaiser- 136
– Charlotte 47198 Duncker- 5
– Christel 47178 Völklinger- 3a
– Christine 47055 Zum Lith 16
– Claudia 47167 Gerling- 218
– Claudia 47226 Julius-Leber- 60
– Claudia 47166 Kolping- 58
– Coletta 47279 Kalkweg 208
– Dagmar 47166 Beecker- 214a
– Dajana 47051 Clauberg- 21
– Dana 47239 Auf dem Hammer 27
– Detlef 47166 Kolping- 58
– Dieter 47053 Dickelsbach- 9
– Dirk 47198 Kant- 5
– Dirk 47179 Kurfürsten- 16
– Dirk 47198 Linden- 83
– Dörte 47051 Pulverweg 32
– Doris 47249 Mafia- 35
– Eckhard 47198 Prinzen- 90
– Edeltraut 47179 Schützenweg 23
– Edith 47057 Kammer- 94
– Edith 47199 Weiden- 10b
– Egon 47166 Eilperhof- 15
– Elisabeth 47229 Allensteiner Ring 33
– Elisabeth 47178 Kaiser- 136
– Elsbeth 47198 Odenwald- 21
– Emil 47178 Kaiser- 136
– Emilie 47239 Gleiwitzer- 9
– Engelbert 47178 Zum Füllort 26
– Erika 47198 Odenwald- 21
– Erna 47228 Brunnen- 7
– Erwin 47166 Am Zinkhüttenplatz 19
– Erwin 47239 Memel- 23
– Eva 47169 Karl-Marx- 23
– Eva-Maria 47051 Sonnenwall 18
– Frank 47058 Königsberger Allee 96
– Frank 47179 Planeten- 26
– Fred 47228 Trompeter- 102
– Gabriele 47228 Essenberger- 209a
– Georg 47178 Zum Aufhauen 50
– Gerda
47167 Walther-von-der-Vogelwei 8
– Gerhard 47228 Ginsterweg 22
– Gerhard 47249 Sarner- 64
– Gerhard 47198 Johannis- 9
– Gerrit
47179 Dr.-Wilhelm-Roelen- 397
– Gertrud 47167 Ruprecht- 15
– Gertrud 47198 Hussmann- 37
– Günter 47259 Kaiserswerther- 82a
– Günter 47058 Moltke- 8
– Guido 47139 Goeckingk- 20
– Günter 47198 Eichen- 27
– Hannelore
47239 Am Lepelsbusch 10
– Hans 47053 Fröbel- 47
– Hans-Peter 47198 Hedwig- 24
– Hans-Werner 47229 Kassel- 3
– Hartmut 47137 Nomberlicher- 30
– Hedwig 47059 Lilienthal- 46
– Hedwig 47058 Schweizer- 135
– Heike 47229 Rosen- 2
– Heinrich 47166 Hans-Böckler- 4
– Heinrich 47279 Allensteiner Ring 33
– Heinrich 47179 Friedrich-Ebert- 214
– Heinrich 47226 Hans-Böckler- 4
– Heinrich 47198 Kaiser- 175
– Heinrich 47239 Hochfeld- 140
– Heinz 47169 Wiesen- 17
– Heinz-Dieter
47139 Friedrich-Ebert- 331
– Heinz 47139 Wiesen- 17
– Helene 47058 Werthacker 30
– Helga 47198 Eifel- 8
– Helga 47119 Jahn- 38
– Helga 47249 Konstanzer- 3
– Helga 47198 Kaiser- 175
– Helga 47226 Krefelder- 186
– Helmut
47249 Altenbrucher Damm 33
– Helmut 47198 In den Haesen 58
– Herbert 47259 Landwehr- 9
– Herbert 47179 Schiller- 36
– Hermann 47167 Bürgerhof 46
– Hermann 47058 Werthacker 30
– Hildegard
47179 Dr.-Wilhelm-Roelen- 397
– Hildegard 47178 Kaiser- 128
– Hildegard 47051 Mosel- 1
– Hildegard 47169 Wiesen- 17
– Horst 47279 Am den Platanen 21
– Horst Dr. 47137 Werner-Wild- 3
– Horst 47226 Zur Kiele- 23
– Ilse 47198 Gabelsberger- 32
Einwohner Namen-Teil
A-DU
Firmen, Gewerbebetriebe usw. nach Namen – siehe gelber Teil
